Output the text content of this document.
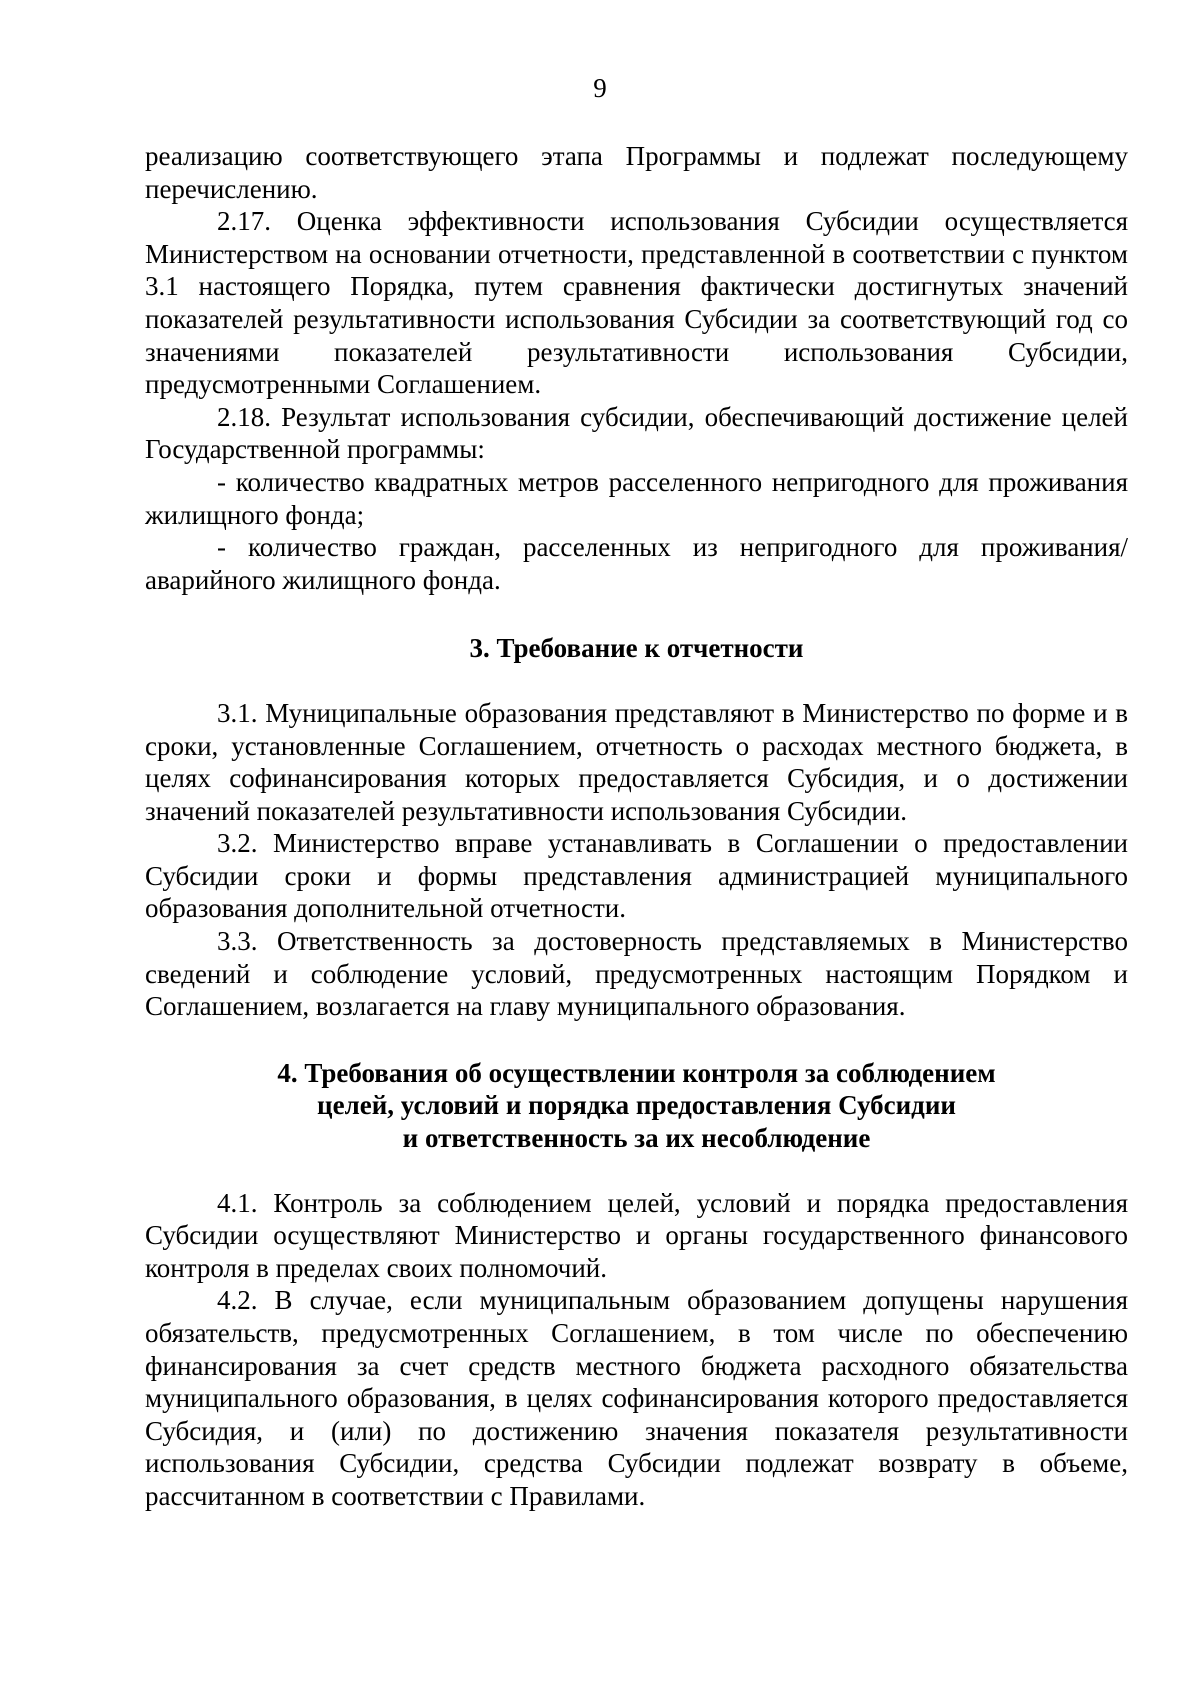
9

реализацию соответствующего этапа Программы и подлежат последующему перечислению.

2.17. Оценка эффективности использования Субсидии осуществляется Министерством на основании отчетности, представленной в соответствии с пунктом 3.1 настоящего Порядка, путем сравнения фактически достигнутых значений показателей результативности использования Субсидии за соответствующий год со значениями показателей результативности использования Субсидии, предусмотренными Соглашением.

2.18. Результат использования субсидии, обеспечивающий достижение целей Государственной программы:

- количество квадратных метров расселенного непригодного для проживания жилищного фонда;

- количество граждан, расселенных из непригодного для проживания/аварийного жилищного фонда.

3. Требование к отчетности

3.1. Муниципальные образования представляют в Министерство по форме и в сроки, установленные Соглашением, отчетность о расходах местного бюджета, в целях софинансирования которых предоставляется Субсидия, и о достижении значений показателей результативности использования Субсидии.

3.2. Министерство вправе устанавливать в Соглашении о предоставлении Субсидии сроки и формы представления администрацией муниципального образования дополнительной отчетности.

3.3. Ответственность за достоверность представляемых в Министерство сведений и соблюдение условий, предусмотренных настоящим Порядком и Соглашением, возлагается на главу муниципального образования.

4. Требования об осуществлении контроля за соблюдением
целей, условий и порядка предоставления Субсидии
и ответственность за их несоблюдение

4.1. Контроль за соблюдением целей, условий и порядка предоставления Субсидии осуществляют Министерство и органы государственного финансового контроля в пределах своих полномочий.

4.2. В случае, если муниципальным образованием допущены нарушения обязательств, предусмотренных Соглашением, в том числе по обеспечению финансирования за счет средств местного бюджета расходного обязательства муниципального образования, в целях софинансирования которого предоставляется Субсидия, и (или) по достижению значения показателя результативности использования Субсидии, средства Субсидии подлежат возврату в объеме, рассчитанном в соответствии с Правилами.
